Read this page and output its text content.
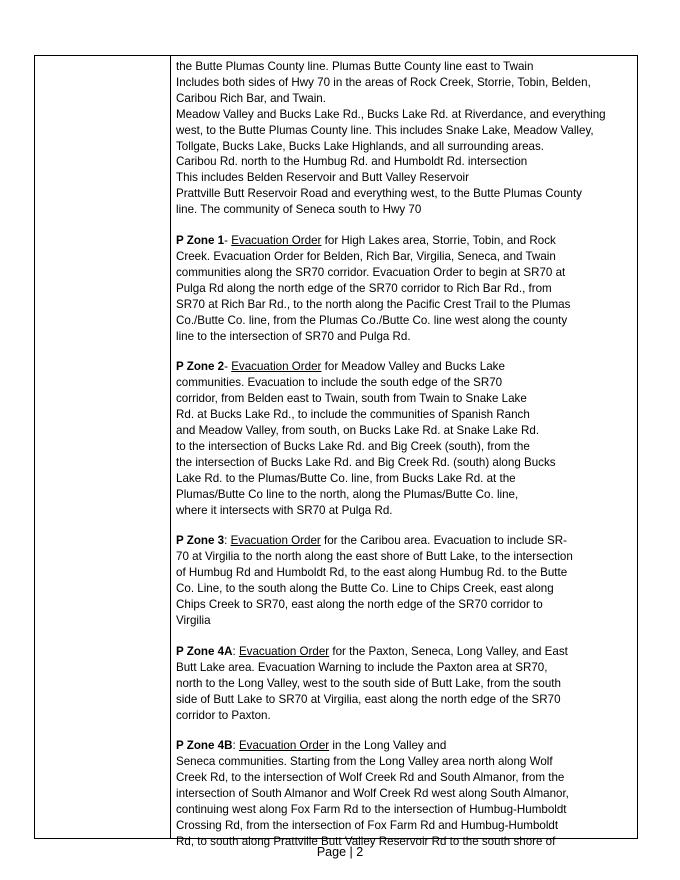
the Butte Plumas County line. Plumas Butte County line east to Twain
Includes both sides of Hwy 70 in the areas of Rock Creek, Storrie, Tobin, Belden,
Caribou Rich Bar, and Twain.
Meadow Valley and Bucks Lake Rd., Bucks Lake Rd. at Riverdance, and everything
west, to the Butte Plumas County line. This includes Snake Lake, Meadow Valley,
Tollgate, Bucks Lake, Bucks Lake Highlands, and all surrounding areas.
Caribou Rd. north to the Humbug Rd. and Humboldt Rd. intersection
This includes Belden Reservoir and Butt Valley Reservoir
Prattville Butt Reservoir Road and everything west, to the Butte Plumas County
line. The community of Seneca south to Hwy 70
P Zone 1- Evacuation Order for High Lakes area, Storrie, Tobin, and Rock
Creek. Evacuation Order for Belden, Rich Bar, Virgilia, Seneca, and Twain
communities along the SR70 corridor. Evacuation Order to begin at SR70 at
Pulga Rd along the north edge of the SR70 corridor to Rich Bar Rd., from
SR70 at Rich Bar Rd., to the north along the Pacific Crest Trail to the Plumas
Co./Butte Co. line, from the Plumas Co./Butte Co. line west along the county
line to the intersection of SR70 and Pulga Rd.
P Zone 2- Evacuation Order for Meadow Valley and Bucks Lake
communities. Evacuation to include the south edge of the SR70
corridor, from Belden east to Twain, south from Twain to Snake Lake
Rd. at Bucks Lake Rd., to include the communities of Spanish Ranch
and Meadow Valley, from south, on Bucks Lake Rd. at Snake Lake Rd.
to the intersection of Bucks Lake Rd. and Big Creek (south), from the
the intersection of Bucks Lake Rd. and Big Creek Rd. (south) along Bucks
Lake Rd. to the Plumas/Butte Co. line, from Bucks Lake Rd. at the
Plumas/Butte Co line to the north, along the Plumas/Butte Co. line,
where it intersects with SR70 at Pulga Rd.
P Zone 3: Evacuation Order for the Caribou area. Evacuation to include SR-
70 at Virgilia to the north along the east shore of Butt Lake, to the intersection
of Humbug Rd and Humboldt Rd, to the east along Humbug Rd. to the Butte
Co. Line, to the south along the Butte Co. Line to Chips Creek, east along
Chips Creek to SR70, east along the north edge of the SR70 corridor to
Virgilia
P Zone 4A: Evacuation Order for the Paxton, Seneca, Long Valley, and East
Butt Lake area. Evacuation Warning to include the Paxton area at SR70,
north to the Long Valley, west to the south side of Butt Lake, from the south
side of Butt Lake to SR70 at Virgilia, east along the north edge of the SR70
corridor to Paxton.
P Zone 4B: Evacuation Order in the Long Valley and
Seneca communities. Starting from the Long Valley area north along Wolf
Creek Rd, to the intersection of Wolf Creek Rd and South Almanor, from the
intersection of South Almanor and Wolf Creek Rd west along South Almanor,
continuing west along Fox Farm Rd to the intersection of Humbug-Humboldt
Crossing Rd, from the intersection of Fox Farm Rd and Humbug-Humboldt
Rd, to south along Prattville Butt Valley Reservoir Rd to the south shore of
Page | 2
